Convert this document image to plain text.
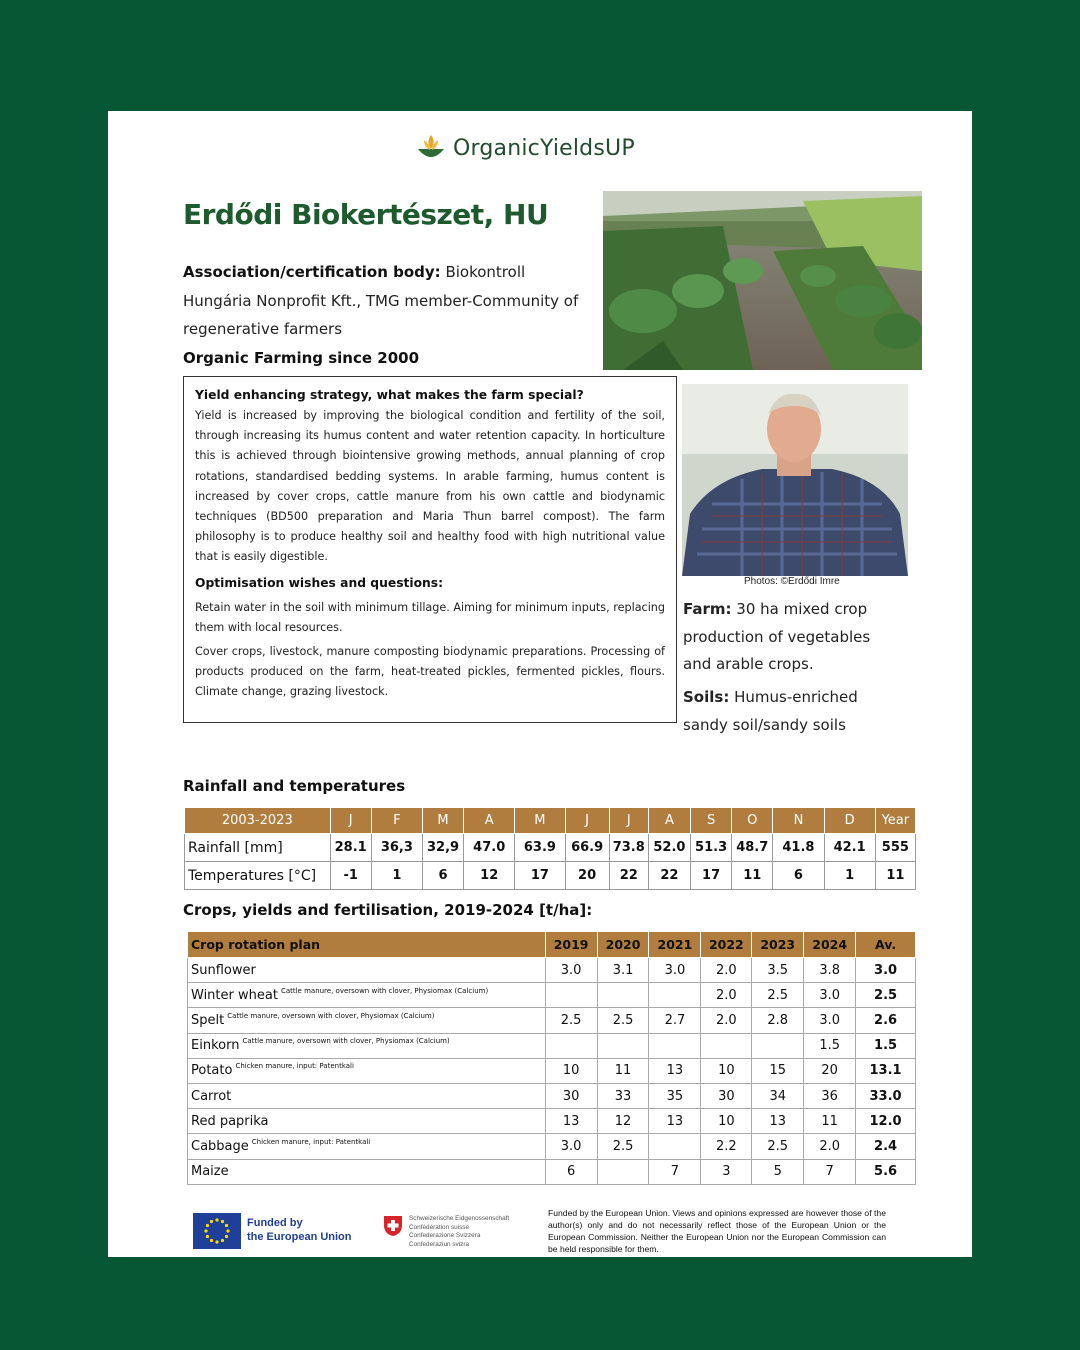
OrganicYieldsUP
Erdődi Biokertészet, HU
Association/certification body: Biokontroll Hungária Nonprofit Kft., TMG member-Community of regenerative farmers
Organic Farming since 2000
Yield enhancing strategy, what makes the farm special?

Yield is increased by improving the biological condition and fertility of the soil, through increasing its humus content and water retention capacity. In horticulture this is achieved through biointensive growing methods, annual planning of crop rotations, standardised bedding systems. In arable farming, humus content is increased by cover crops, cattle manure from his own cattle and biodynamic techniques (BD500 preparation and Maria Thun barrel compost). The farm philosophy is to produce healthy soil and healthy food with high nutritional value that is easily digestible.

Optimisation wishes and questions:

Retain water in the soil with minimum tillage. Aiming for minimum inputs, replacing them with local resources.

Cover crops, livestock, manure composting biodynamic preparations. Processing of products produced on the farm, heat-treated pickles, fermented pickles, flours. Climate change, grazing livestock.

Photos: ©Erdődi Imre
Farm: 30 ha mixed crop production of vegetables and arable crops.
Soils: Humus-enriched sandy soil/sandy soils
Rainfall and temperatures
2003-2023	J	F	M	A	M	J	J	A	S	O	N	D	Year
Rainfall [mm]	28.1	36,3	32,9	47.0	63.9	66.9	73.8	52.0	51.3	48.7	41.8	42.1	555
Temperatures [°C]	-1	1	6	12	17	20	22	22	17	11	6	1	11
Crops, yields and fertilisation, 2019-2024 [t/ha]:
Crop rotation plan	2019	2020	2021	2022	2023	2024	Av.
Sunflower	3.0	3.1	3.0	2.0	3.5	3.8	3.0
Winter wheat $^{Cattle manure, oversown with clover, Physiomax (Calcium)}$				2.0	2.5	3.0	2.5
Spelt $^{Cattle manure, oversown with clover, Physiomax (Calcium)}$	2.5	2.5	2.7	2.0	2.8	3.0	2.6
Einkorn $^{Cattle manure, oversown with clover, Physiomax (Calcium)}$						1.5	1.5
Potato $^{Chicken manure, input: Patentkali}$	10	11	13	10	15	20	13.1
Carrot	30	33	35	30	34	36	33.0
Red paprika	13	12	13	10	13	11	12.0
Cabbage $^{Chicken manure, input: Patentkali}$	3.0	2.5		2.2	2.5	2.0	2.4
Maize	6		7	3	5	7	5.6
Funded by
the European Union
Schweizerische Eidgenossenschaft
Confédération suisse
Confederazione Svizzera
Confederaziun svizra
Funded by the European Union. Views and opinions expressed are however those of the author(s) only and do not necessarily reflect those of the European Union or the European Commission. Neither the European Union nor the European Commission can be held responsible for them.
